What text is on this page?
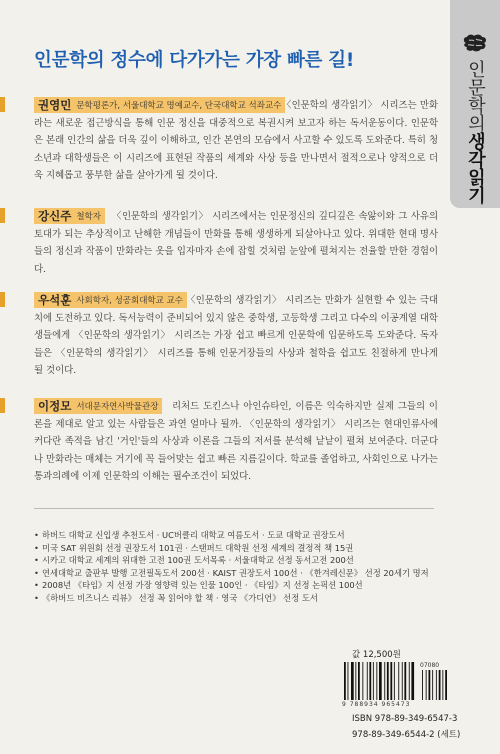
인문학의생각읽기
인문학의 정수에 다가가는 가장 빠른 길!
권영민 문학평론가, 서울대학교 명예교수, 단국대학교 석좌교수 〈인문학의 생각읽기〉 시리즈는 만화라는 새로운 접근방식을 통해 인문 정신을 대중적으로 복권시켜 보고자 하는 독서운동이다. 인문학은 본래 인간의 삶을 더욱 깊이 이해하고, 인간 본연의 모습에서 사고할 수 있도록 도와준다. 특히 청소년과 대학생들은 이 시리즈에 표현된 작품의 세계와 사상 등을 만나면서 절적으로나 양적으로 더욱 지혜롭고 풍부한 삶을 살아가게 될 것이다.
강신주 철학자	〈인문학의 생각읽기〉 시리즈에서는 인문정신의 깊디깊은 속앓이와 그 사유의 토대가 되는 추상적이고 난해한 개념들이 만화를 통해 생생하게 되살아나고 있다. 위대한 현대 명사들의 정신과 작품이 만화라는 옷을 입자마자 손에 잡힐 것처럼 눈앞에 펼쳐지는 전율할 만한 경험이다.
우석훈 사회학자, 성공회대학교 교수 〈인문학의 생각읽기〉 시리즈는 만화가 실현할 수 있는 극대치에 도전하고 있다. 독서능력이 준비되어 있지 않은 중학생, 고등학생 그리고 다수의 이공계열 대학생들에게 〈인문학의 생각읽기〉 시리즈는 가장 쉽고 빠르게 인문학에 입문하도록 도와준다. 독자들은 〈인문학의 생각읽기〉 시리즈를 통해 인문거장들의 사상과 철학을 쉽고도 친절하게 만나게 될 것이다.
이정모 서대문자연사박물관장	리처드 도킨스나 아인슈타인, 이름은 익숙하지만 실제 그들의 이론을 제대로 알고 있는 사람들은 과연 얼마나 될까. 〈인문학의 생각읽기〉 시리즈는 현대인류사에 커다란 족적을 남긴 '거인'들의 사상과 이론을 그들의 저서를 분석해 낱낱이 펼쳐 보여준다. 더군다나 만화라는 매체는 거기에 꼭 들어맞는 쉽고 빠른 지름길이다. 학교를 졸업하고, 사회인으로 나가는 통과의례에 이제 인문학의 이해는 필수조건이 되었다.
• 하버드 대학교 신입생 추천도서 · UC버클리 대학교 여름도서 · 도쿄 대학교 권장도서
• 미국 SAT 위원회 선정 권장도서 101권 · 스탠퍼드 대학원 선정 세계의 결정적 책 15권
• 시카고 대학교 세계의 위대한 고전 100권 도서목록 · 서울대학교 선정 동서고전 200선
• 연세대학교 출판부 발행 고전필독도서 200선 · KAIST 권장도서 100선 · 《한겨레신문》 선정 20세기 명저
• 2008년 《타임》지 선정 가장 영향력 있는 인물 100인 · 《타임》지 선정 논픽션 100선
• 《하버드 비즈니스 리뷰》 선정 꼭 읽어야 할 책 · 영국 《가디언》 선정 도서
값 12,500원
07080
9 788934 965473
ISBN 978-89-349-6547-3
978-89-349-6544-2 (세트)
